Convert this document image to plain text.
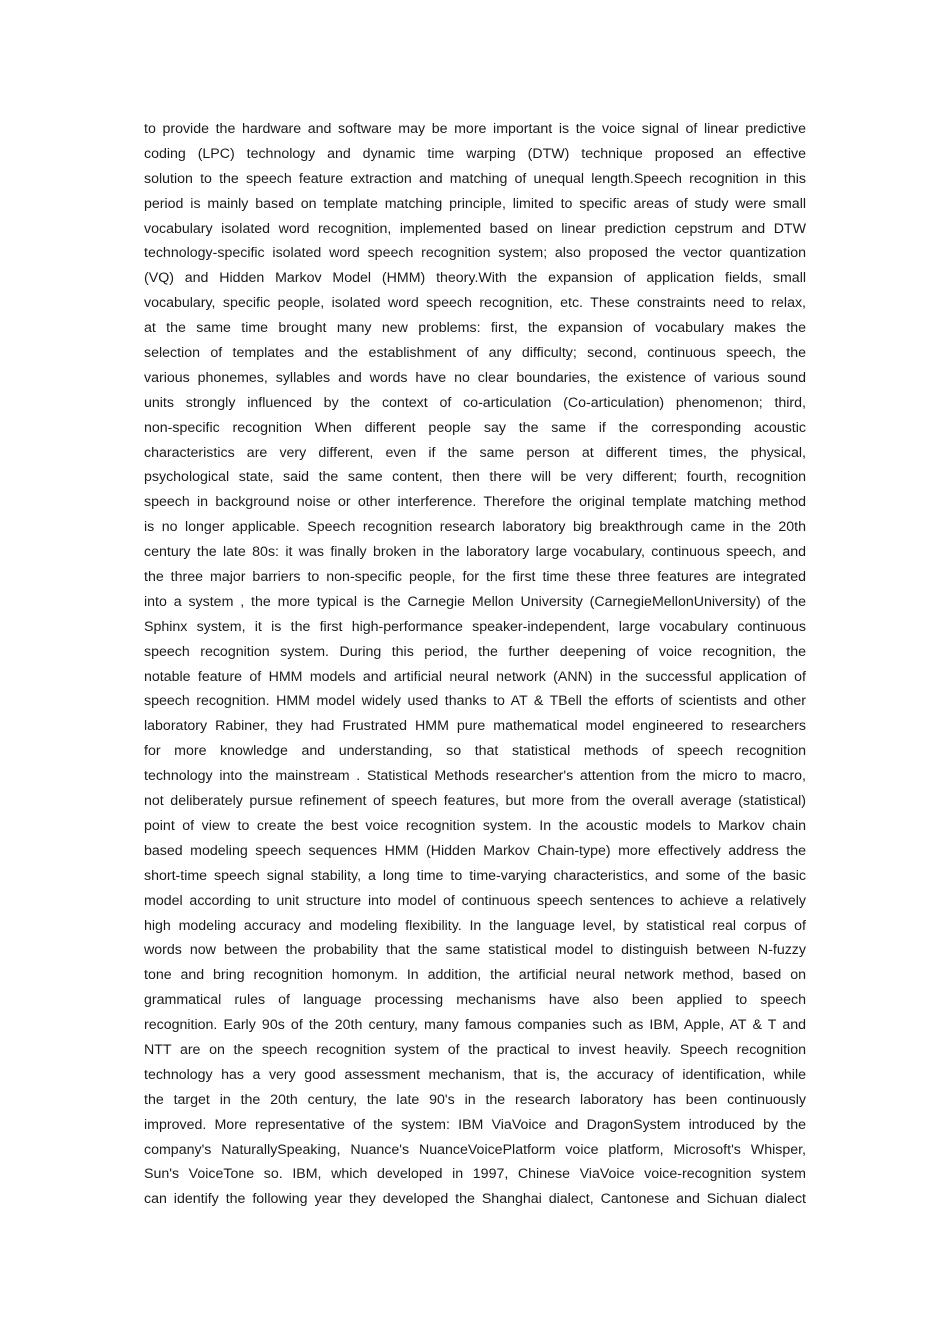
to provide the hardware and software may be more important is the voice signal of linear predictive
coding (LPC) technology and dynamic time warping (DTW) technique proposed an effective
solution to the speech feature extraction and matching of unequal length.Speech recognition in this
period is mainly based on template matching principle, limited to specific areas of study were small
vocabulary isolated word recognition, implemented based on linear prediction cepstrum and DTW
technology-specific isolated word speech recognition system; also proposed the vector quantization
(VQ) and Hidden Markov Model (HMM) theory.With the expansion of application fields, small
vocabulary, specific people, isolated word speech recognition, etc. These constraints need to relax,
at the same time brought many new problems: first, the expansion of vocabulary makes the
selection of templates and the establishment of any difficulty; second, continuous speech, the
various phonemes, syllables and words have no clear boundaries, the existence of various sound
units strongly influenced by the context of co-articulation (Co-articulation) phenomenon; third,
non-specific recognition When different people say the same if the corresponding acoustic
characteristics are very different, even if the same person at different times, the physical,
psychological state, said the same content, then there will be very different; fourth, recognition
speech in background noise or other interference. Therefore the original template matching method
is no longer applicable. Speech recognition research laboratory big breakthrough came in the 20th
century the late 80s: it was finally broken in the laboratory large vocabulary, continuous speech, and
the three major barriers to non-specific people, for the first time these three features are integrated
into a system , the more typical is the Carnegie Mellon University (CarnegieMellonUniversity) of the
Sphinx system, it is the first high-performance speaker-independent, large vocabulary continuous
speech recognition system. During this period, the further deepening of voice recognition, the
notable feature of HMM models and artificial neural network (ANN) in the successful application of
speech recognition. HMM model widely used thanks to AT & TBell the efforts of scientists and other
laboratory Rabiner, they had Frustrated HMM pure mathematical model engineered to researchers
for more knowledge and understanding, so that statistical methods of speech recognition
technology into the mainstream . Statistical Methods researcher's attention from the micro to macro,
not deliberately pursue refinement of speech features, but more from the overall average (statistical)
point of view to create the best voice recognition system. In the acoustic models to Markov chain
based modeling speech sequences HMM (Hidden Markov Chain-type) more effectively address the
short-time speech signal stability, a long time to time-varying characteristics, and some of the basic
model according to unit structure into model of continuous speech sentences to achieve a relatively
high modeling accuracy and modeling flexibility. In the language level, by statistical real corpus of
words now between the probability that the same statistical model to distinguish between N-fuzzy
tone and bring recognition homonym. In addition, the artificial neural network method, based on
grammatical rules of language processing mechanisms have also been applied to speech
recognition. Early 90s of the 20th century, many famous companies such as IBM, Apple, AT & T and
NTT are on the speech recognition system of the practical to invest heavily. Speech recognition
technology has a very good assessment mechanism, that is, the accuracy of identification, while
the target in the 20th century, the late 90's in the research laboratory has been continuously
improved. More representative of the system: IBM ViaVoice and DragonSystem introduced by the
company's NaturallySpeaking, Nuance's NuanceVoicePlatform voice platform, Microsoft's Whisper,
Sun's VoiceTone so. IBM, which developed in 1997, Chinese ViaVoice voice-recognition system
can identify the following year they developed the Shanghai dialect, Cantonese and Sichuan dialect
